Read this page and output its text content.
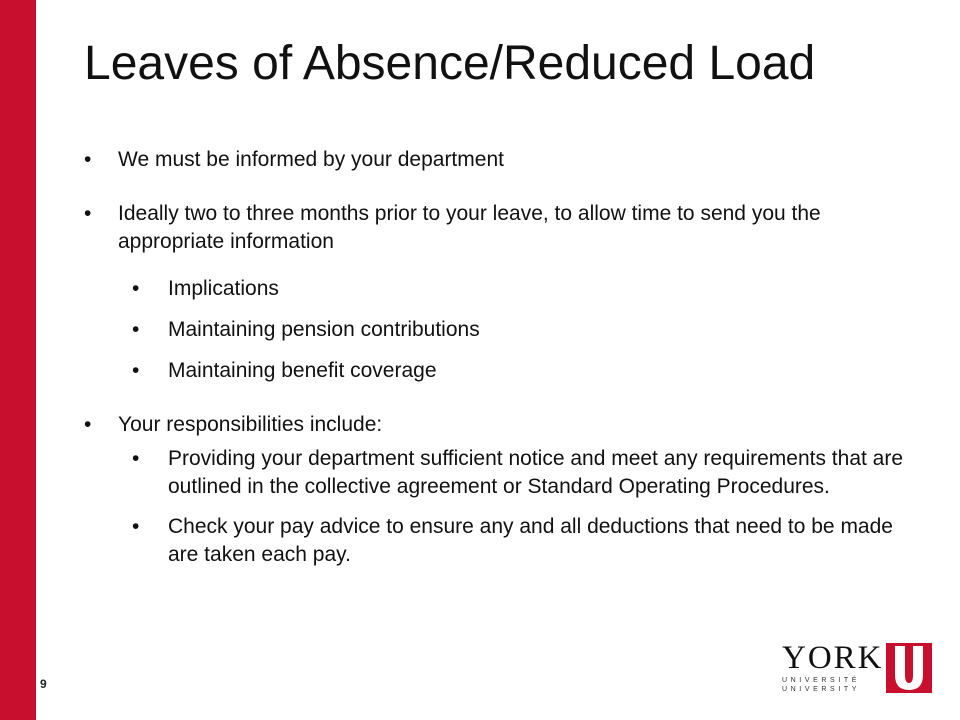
Leaves of Absence/Reduced Load
• We must be informed by your department
• Ideally two to three months prior to your leave, to allow time to send you the appropriate information
• Implications
• Maintaining pension contributions
• Maintaining benefit coverage
• Your responsibilities include:
• Providing your department sufficient notice and meet any requirements that are outlined in the collective agreement or Standard Operating Procedures.
• Check your pay advice to ensure any and all deductions that need to be made are taken each pay.
9
YORK
UNIVERSITÉ
UNIVERSITY
